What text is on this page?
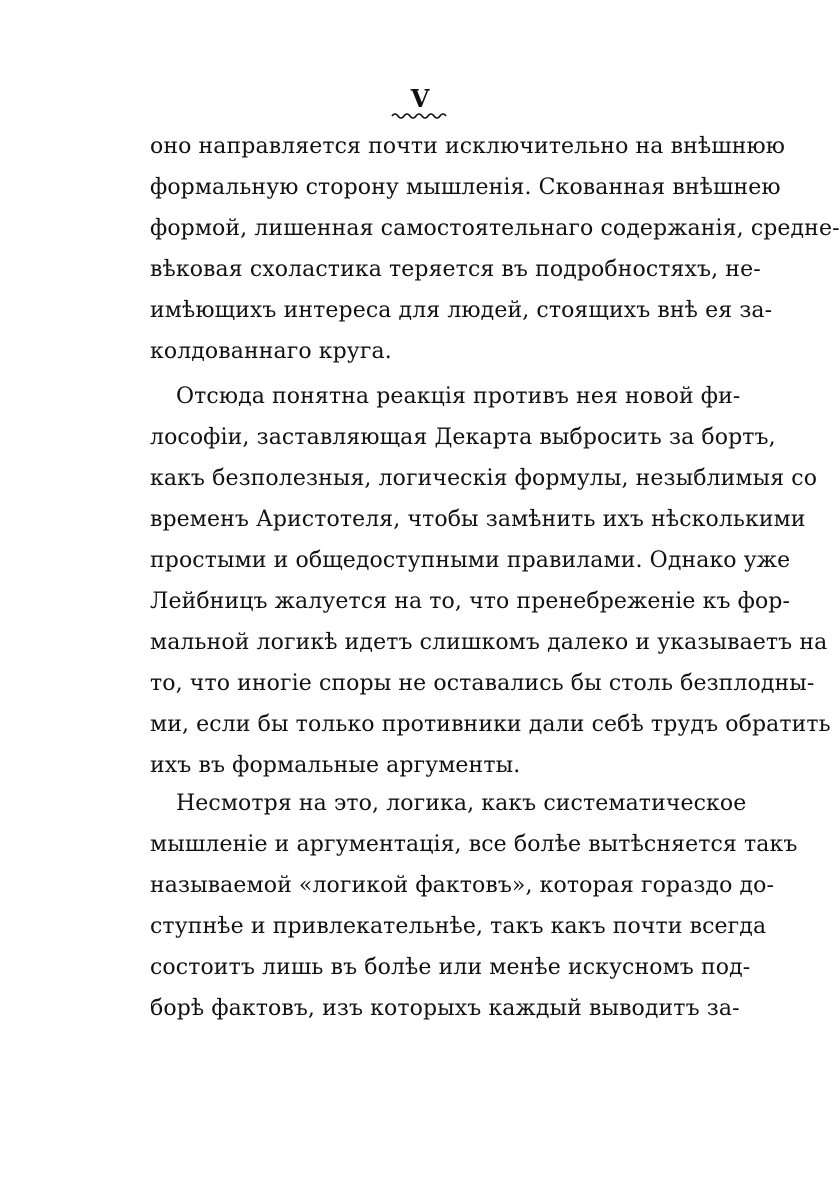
V
оно направляется почти исключительно на внѣшнюю
формальную сторону мышленія. Скованная внѣшнею
формой, лишенная самостоятельнаго содержанія, средне-
вѣковая схоластика теряется въ подробностяхъ, не-
имѣющихъ интереса для людей, стоящихъ внѣ ея за-
колдованнаго круга.
Отсюда понятна реакція противъ нея новой фи-
лософіи, заставляющая Декарта выбросить за бортъ,
какъ безполезныя, логическія формулы, незыблимыя со
временъ Аристотеля, чтобы замѣнить ихъ нѣсколькими
простыми и общедоступными правилами. Однако уже
Лейбницъ жалуется на то, что пренебреженіе къ фор-
мальной логикѣ идетъ слишкомъ далеко и указываетъ на
то, что иногіе споры не оставались бы столь безплодны-
ми, если бы только противники дали себѣ трудъ обратить
ихъ въ формальные аргументы.
Несмотря на это, логика, какъ систематическое
мышленіе и аргументація, все болѣе вытѣсняется такъ
называемой «логикой фактовъ», которая гораздо до-
ступнѣе и привлекательнѣе, такъ какъ почти всегда
состоитъ лишь въ болѣе или менѣе искусномъ под-
борѣ фактовъ, изъ которыхъ каждый выводитъ за-
